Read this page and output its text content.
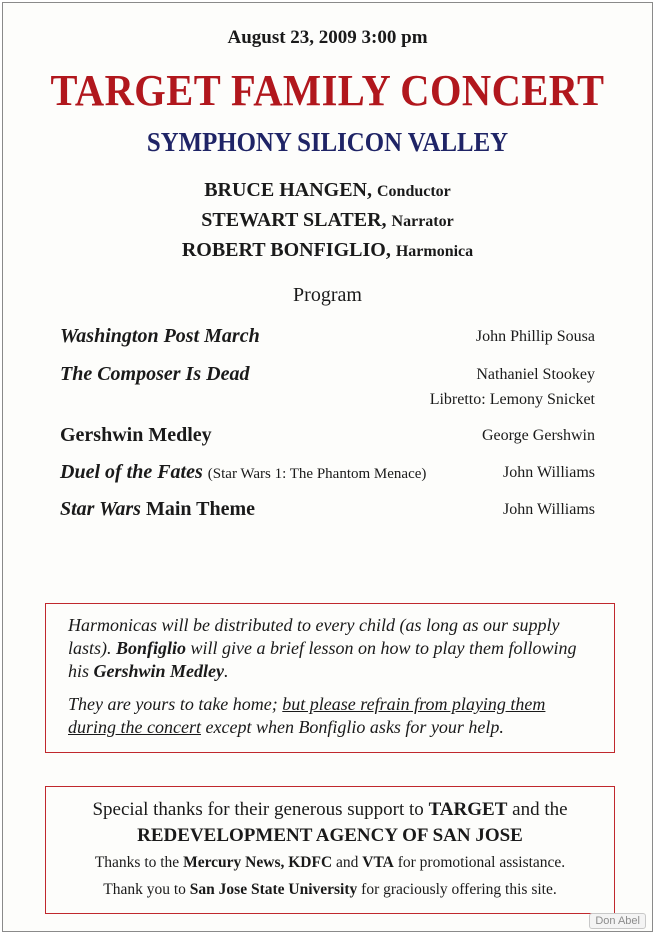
August 23, 2009 3:00 pm
TARGET FAMILY CONCERT
SYMPHONY SILICON VALLEY
BRUCE HANGEN, Conductor
STEWART SLATER, Narrator
ROBERT BONFIGLIO, Harmonica
Program
Washington Post March	John Phillip Sousa
The Composer Is Dead	Nathaniel Stookey
Libretto: Lemony Snicket
Gershwin Medley	George Gershwin
Duel of the Fates (Star Wars 1: The Phantom Menace)	John Williams
Star Wars Main Theme	John Williams

Harmonicas will be distributed to every child (as long as our supply lasts). Bonfiglio will give a brief lesson on how to play them following his Gershwin Medley.

They are yours to take home; but please refrain from playing them during the concert except when Bonfiglio asks for your help.

Special thanks for their generous support to TARGET and the
REDEVELOPMENT AGENCY OF SAN JOSE
Thanks to the Mercury News, KDFC and VTA for promotional assistance.
Thank you to San Jose State University for graciously offering this site.
Don Abel
